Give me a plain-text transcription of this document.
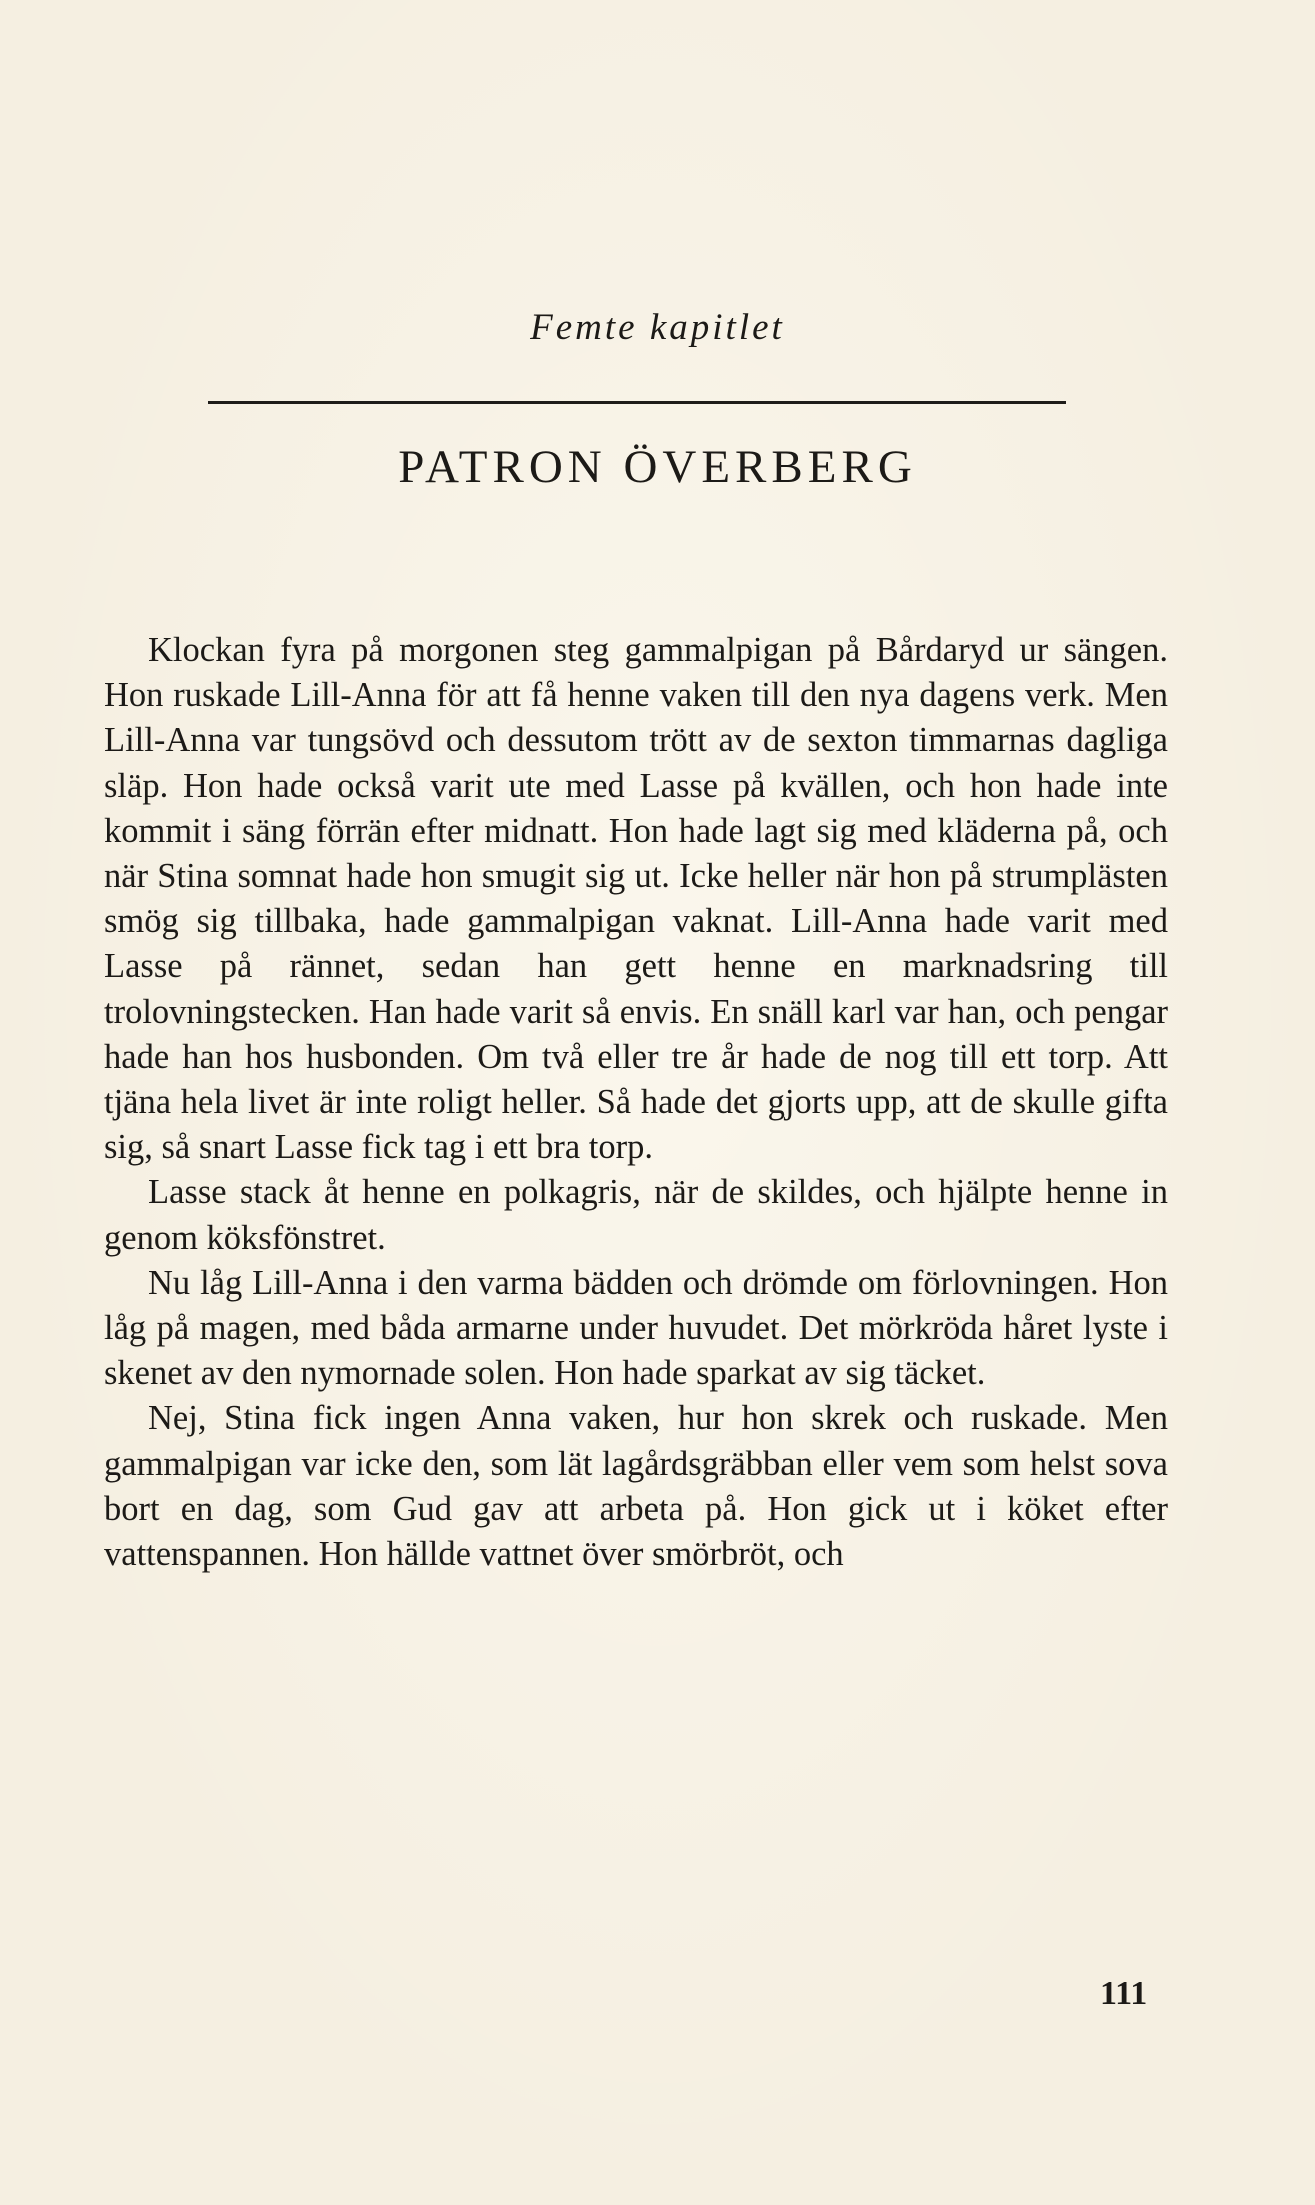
Femte kapitlet
PATRON ÖVERBERG

Klockan fyra på morgonen steg gammalpigan på Bårdaryd ur sängen. Hon ruskade Lill-Anna för att få henne vaken till den nya dagens verk. Men Lill-Anna var tungsövd och dessutom trött av de sexton timmarnas dagliga släp. Hon hade också varit ute med Lasse på kvällen, och hon hade inte kommit i säng förrän efter midnatt. Hon hade lagt sig med kläderna på, och när Stina somnat hade hon smugit sig ut. Icke heller när hon på strumplästen smög sig tillbaka, hade gammalpigan vaknat. Lill-Anna hade varit med Lasse på rännet, sedan han gett henne en marknadsring till trolovningstecken. Han hade varit så envis. En snäll karl var han, och pengar hade han hos husbonden. Om två eller tre år hade de nog till ett torp. Att tjäna hela livet är inte roligt heller. Så hade det gjorts upp, att de skulle gifta sig, så snart Lasse fick tag i ett bra torp.

Lasse stack åt henne en polkagris, när de skildes, och hjälpte henne in genom köksfönstret.

Nu låg Lill-Anna i den varma bädden och drömde om förlovningen. Hon låg på magen, med båda armarne under huvudet. Det mörkröda håret lyste i skenet av den nymornade solen. Hon hade sparkat av sig täcket.

Nej, Stina fick ingen Anna vaken, hur hon skrek och ruskade. Men gammalpigan var icke den, som lät lagårdsgräbban eller vem som helst sova bort en dag, som Gud gav att arbeta på. Hon gick ut i köket efter vattenspannen. Hon hällde vattnet över smörbröt, och

111
